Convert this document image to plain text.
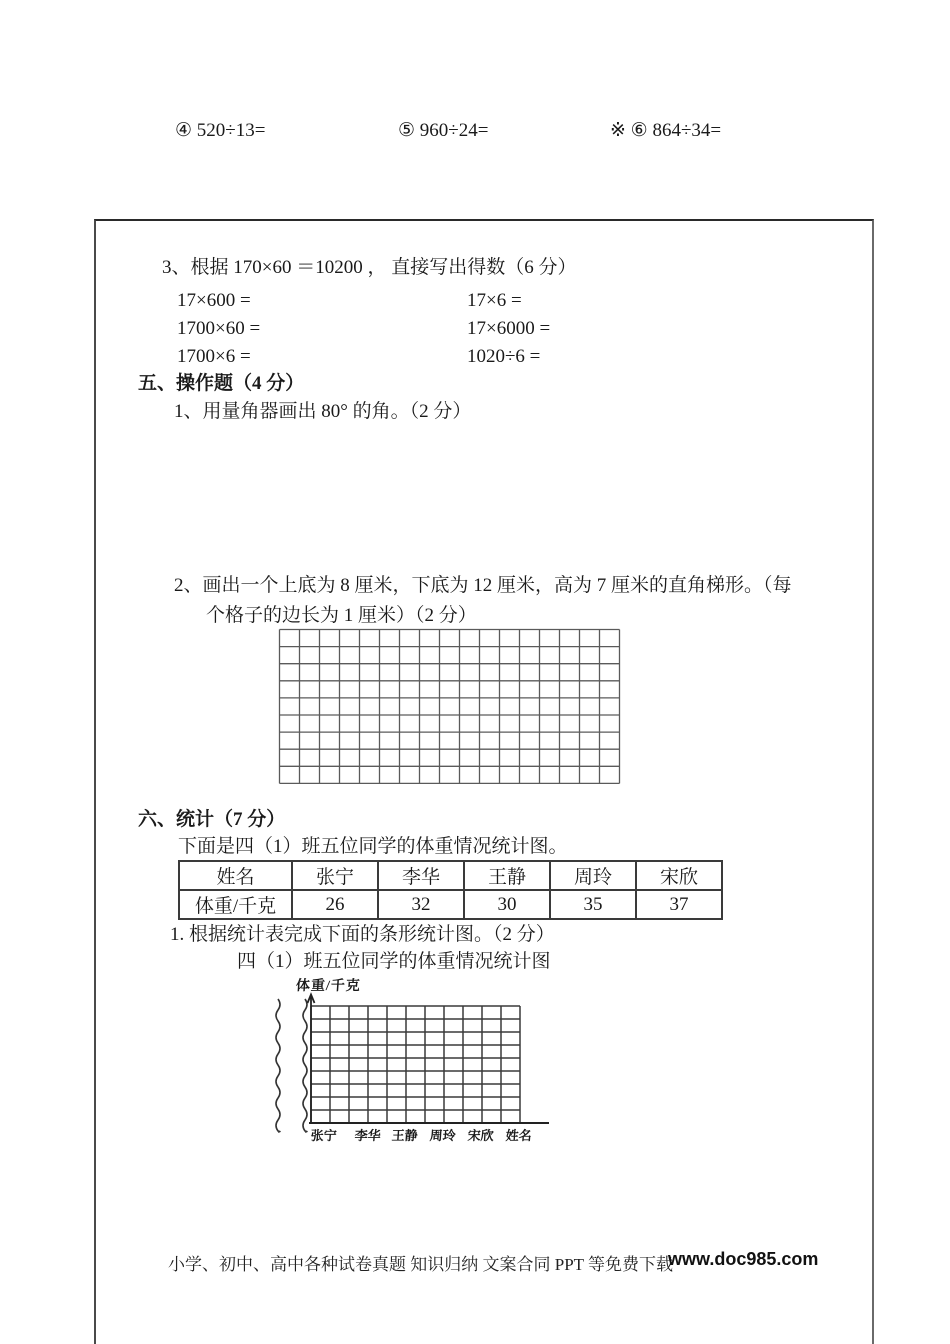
④ 520÷13=	⑤ 960÷24=	※ ⑥ 864÷34=
3、根据 170×60 ＝10200 ， 直接写出得数（6 分）
17×600 =	17×6 =
1700×60 =	17×6000 =
1700×6 =	1020÷6 =
五、操作题（4 分）
1、用量角器画出 80° 的角。（2 分）
2、画出一个上底为 8 厘米，下底为 12 厘米，高为 7 厘米的直角梯形。（每
个格子的边长为 1 厘米）（2 分）
六、统计（7 分）
下面是四（1）班五位同学的体重情况统计图。
姓名	张宁	李华	王静	周玲	宋欣
体重/千克	26	32	30	35	37
1. 根据统计表完成下面的条形统计图。（2 分）
四（1）班五位同学的体重情况统计图
体重/千克
张宁 李华 王静 周玲 宋欣 姓名
小学、初中、高中各种试卷真题 知识归纳 文案合同 PPT 等免费下载
www.doc985.com
